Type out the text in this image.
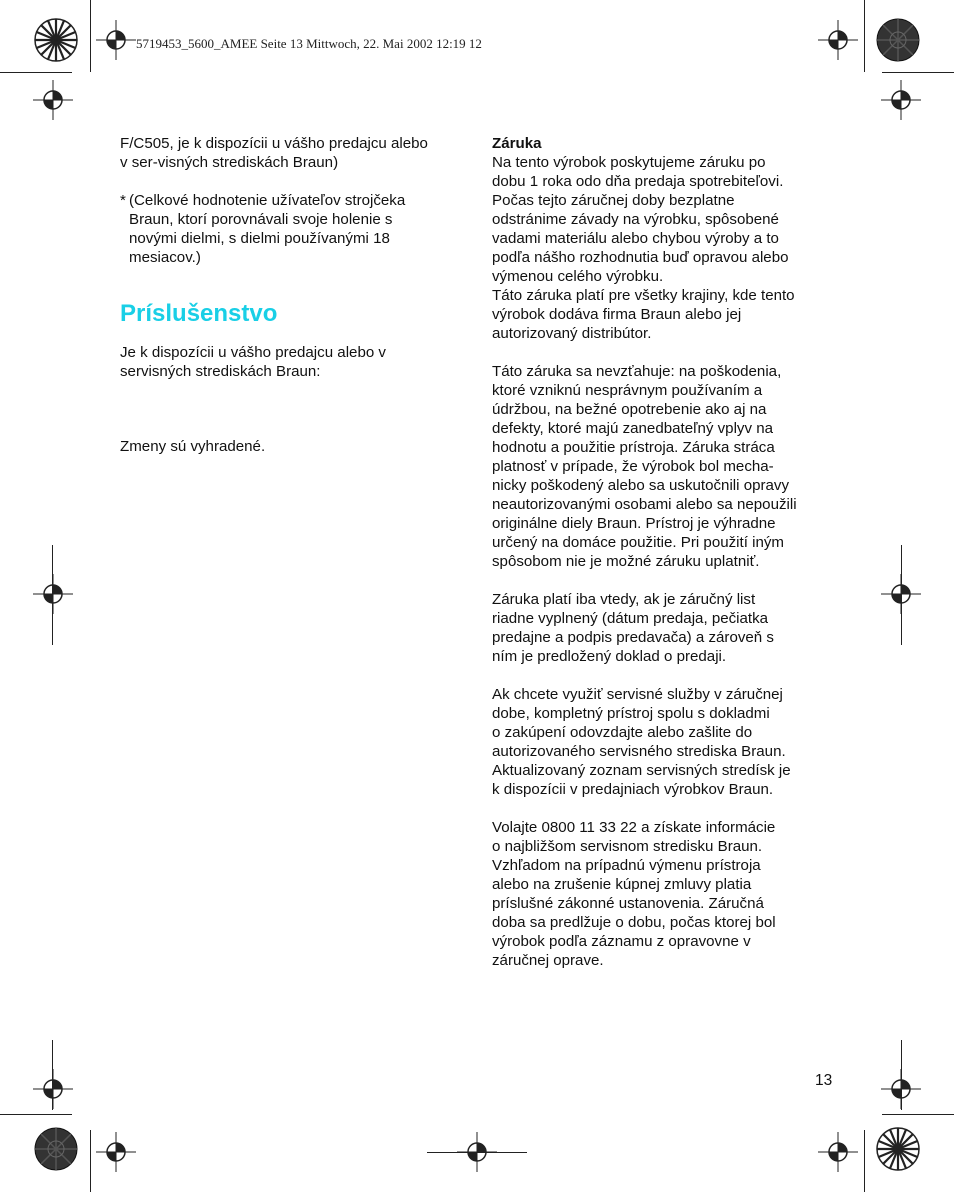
5719453_5600_AMEE Seite 13 Mittwoch, 22. Mai 2002 12:19 12

F/C505, je k dispozícii u vášho predajcu alebo
v ser-visných strediskách Braun)

* (Celkové hodnotenie užívateľov strojčeka
Braun, ktorí porovnávali svoje holenie s
novými dielmi, s dielmi používanými 18
mesiacov.)

Príslušenstvo

Je k dispozícii u vášho predajcu alebo v
servisných strediskách Braun:

Zmeny sú vyhradené.

Záruka

Na tento výrobok poskytujeme záruku po
dobu 1 roka odo dňa predaja spotrebiteľovi.
Počas tejto záručnej doby bezplatne
odstránime závady na výrobku, spôsobené
vadami materiálu alebo chybou výroby a to
podľa nášho rozhodnutia buď opravou alebo
výmenou celého výrobku.
Táto záruka platí pre všetky krajiny, kde tento
výrobok dodáva firma Braun alebo jej
autorizovaný distribútor.

Táto záruka sa nevzťahuje: na poškodenia,
ktoré vzniknú nesprávnym používaním a
údržbou, na bežné opotrebenie ako aj na
defekty, ktoré majú zanedbateľný vplyv na
hodnotu a použitie prístroja. Záruka stráca
platnosť v prípade, že výrobok bol mecha-
nicky poškodený alebo sa uskutočnili opravy
neautorizovanými osobami alebo sa nepoužili
originálne diely Braun. Prístroj je výhradne
určený na domáce použitie. Pri použití iným
spôsobom nie je možné záruku uplatniť.

Záruka platí iba vtedy, ak je záručný list
riadne vyplnený (dátum predaja, pečiatka
predajne a podpis predavača) a zároveň s
ním je predložený doklad o predaji.

Ak chcete využiť servisné služby v záručnej
dobe, kompletný prístroj spolu s dokladmi
o zakúpení odovzdajte alebo zašlite do
autorizovaného servisného strediska Braun.
Aktualizovaný zoznam servisných stredísk je
k dispozícii v predajniach výrobkov Braun.

Volajte 0800 11 33 22 a získate informácie
o najbližšom servisnom stredisku Braun.
Vzhľadom na prípadnú výmenu prístroja
alebo na zrušenie kúpnej zmluvy platia
príslušné zákonné ustanovenia. Záručná
doba sa predlžuje o dobu, počas ktorej bol
výrobok podľa záznamu z opravovne v
záručnej oprave.

13
